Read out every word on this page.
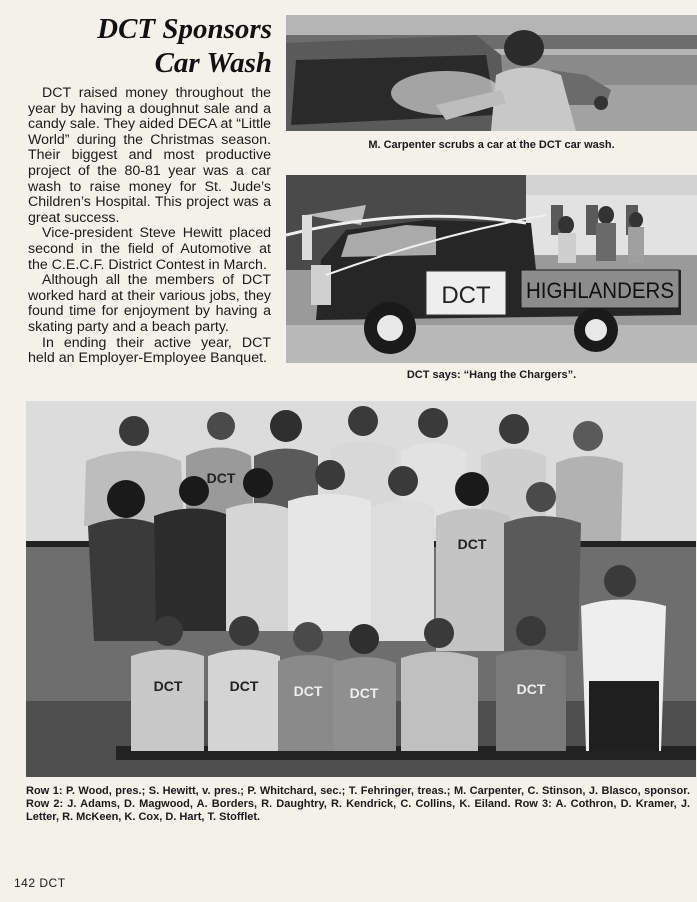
DCT Sponsors
Car Wash

DCT raised money throughout the year by having a doughnut sale and a candy sale. They aided DECA at “Little World” during the Christmas season. Their biggest and most productive project of the 80-81 year was a car wash to raise money for St. Jude’s Children’s Hospital. This project was a great success.

Vice-president Steve Hewitt placed second in the field of Automotive at the C.E.C.F. District Contest in March.

Although all the members of DCT worked hard at their various jobs, they found time for enjoyment by having a skating party and a beach party.

In ending their active year, DCT held an Employer-Employee Banquet.

M. Carpenter scrubs a car at the DCT car wash.
DCT HIGHLANDERS
DCT says: “Hang the Chargers”.
DCT
DCT
DCT	DCT	DCT DCT	DCT
Row 1: P. Wood, pres.; S. Hewitt, v. pres.; P. Whitchard, sec.; T. Fehringer, treas.; M. Carpenter, C. Stinson, J. Blasco, sponsor. Row 2: J. Adams, D. Magwood, A. Borders, R. Daughtry, R. Kendrick, C. Collins, K. Eiland. Row 3: A. Cothron, D. Kramer, J. Letter, R. McKeen, K. Cox, D. Hart, T. Stofflet.
142 DCT
